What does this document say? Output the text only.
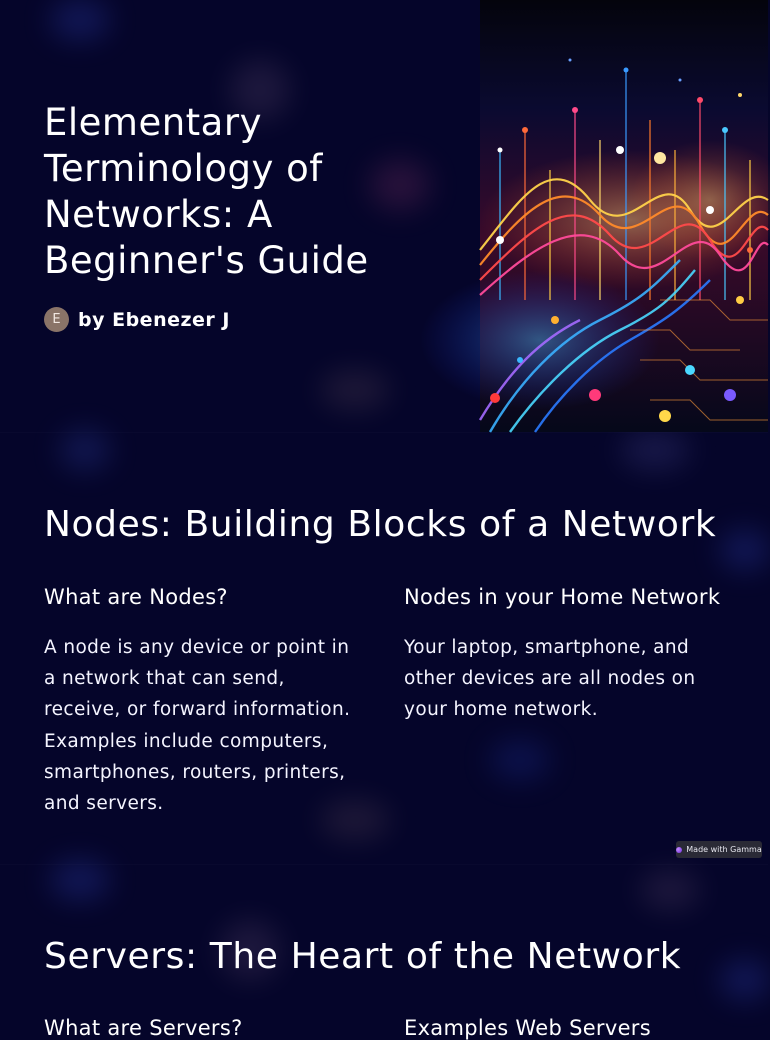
Elementary Terminology of Networks: A Beginner's Guide
E by Ebenezer J
Nodes: Building Blocks of a Network
What are Nodes?

A node is any device or point in a network that can send, receive, or forward information. Examples include computers, smartphones, routers, printers, and servers.

Nodes in your Home Network

Your laptop, smartphone, and other devices are all nodes on your home network.

Made with Gamma
Servers: The Heart of the Network
What are Servers?	Examples Web Servers
